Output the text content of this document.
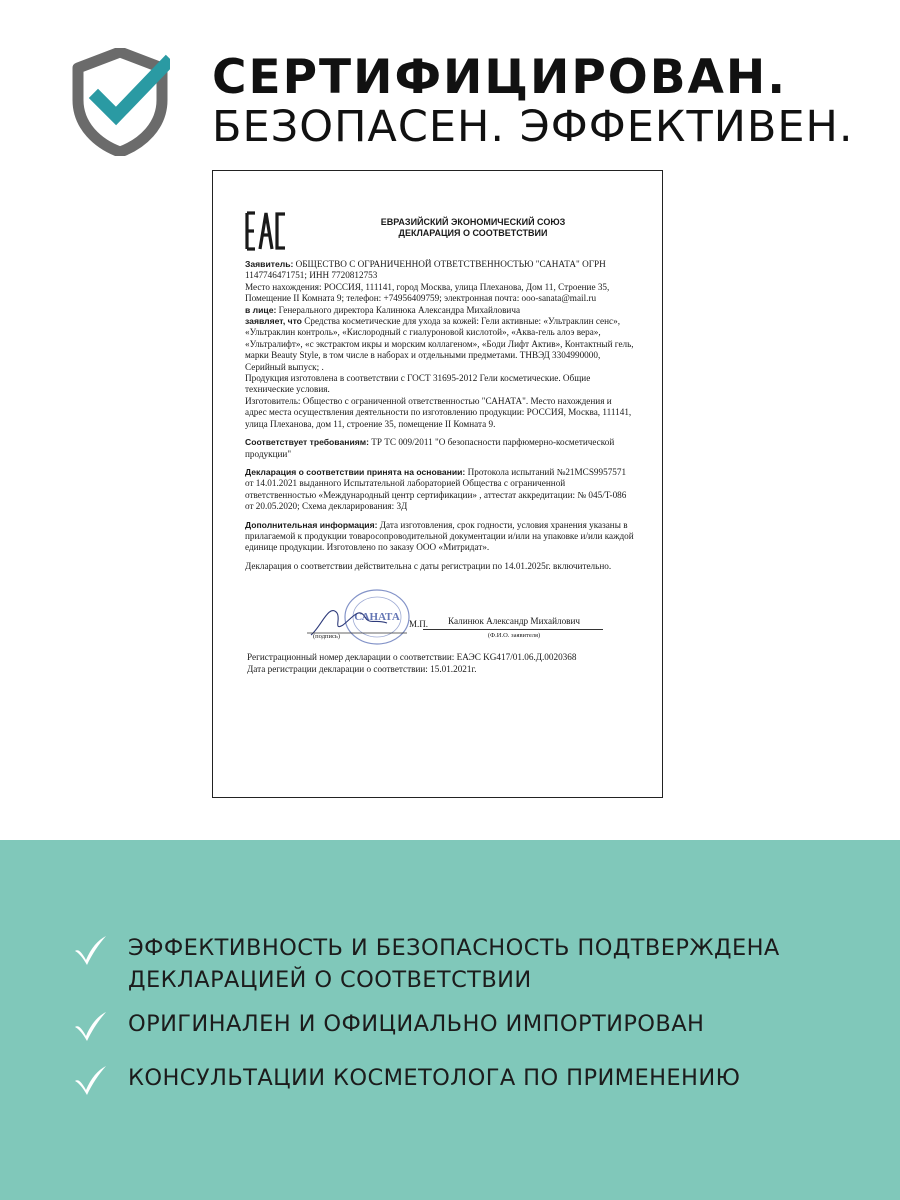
СЕРТИФИЦИРОВАН.
БЕЗОПАСЕН. ЭФФЕКТИВЕН.
ЕВРАЗИЙСКИЙ ЭКОНОМИЧЕСКИЙ СОЮЗ
ДЕКЛАРАЦИЯ О СООТВЕТСТВИИ

Заявитель: ОБЩЕСТВО С ОГРАНИЧЕННОЙ ОТВЕТСТВЕННОСТЬЮ "САНАТА" ОГРН 1147746471751; ИНН 7720812753

Место нахождения: РОССИЯ, 111141, город Москва, улица Плеханова, Дом 11, Строение 35, Помещение II Комната 9; телефон: +74956409759; электронная почта: ooo-sanata@mail.ru

в лице: Генерального директора Калинюка Александра Михайловича

заявляет, что Средства косметические для ухода за кожей: Гели активные: «Ультраклин сенс», «Ультраклин контроль», «Кислородный с гиалуроновой кислотой», «Аква-гель алоэ вера», «Ультралифт», «с экстрактом икры и морским коллагеном», «Боди Лифт Актив», Контактный гель, марки Beauty Style, в том числе в наборах и отдельными предметами. ТНВЭД 3304990000, Серийный выпуск; .

Продукция изготовлена в соответствии с ГОСТ 31695-2012 Гели косметические. Общие технические условия.

Изготовитель: Общество с ограниченной ответственностью "САНАТА". Место нахождения и адрес места осуществления деятельности по изготовлению продукции: РОССИЯ, Москва, 111141, улица Плеханова, дом 11, строение 35, помещение II Комната 9.

Соответствует требованиям: ТР ТС 009/2011 "О безопасности парфюмерно-косметической продукции"

Декларация о соответствии принята на основании: Протокола испытаний №21MCS9957571 от 14.01.2021 выданного Испытательной лабораторией Общества с ограниченной ответственностью «Международный центр сертификации» , аттестат аккредитации: № 045/T-086 от 20.05.2020; Схема декларирования: 3Д

Дополнительная информация: Дата изготовления, срок годности, условия хранения указаны в прилагаемой к продукции товаросопроводительной документации и/или на упаковке и/или каждой единице продукции. Изготовлено по заказу ООО «Митридат».

Декларация о соответствии действительна с даты регистрации по 14.01.2025г. включительно.

САНАТА
(подпись)
М.П.	Калинюк Александр Михайлович
(Ф.И.О. заявителя)

Регистрационный номер декларации о соответствии: ЕАЭС KG417/01.06.Д.0020368

Дата регистрации декларации о соответствии: 15.01.2021г.

ЭФФЕКТИВНОСТЬ И БЕЗОПАСНОСТЬ ПОДТВЕРЖДЕНА
ДЕКЛАРАЦИЕЙ О СООТВЕТСТВИИ
ОРИГИНАЛЕН И ОФИЦИАЛЬНО ИМПОРТИРОВАН
КОНСУЛЬТАЦИИ КОСМЕТОЛОГА ПО ПРИМЕНЕНИЮ
